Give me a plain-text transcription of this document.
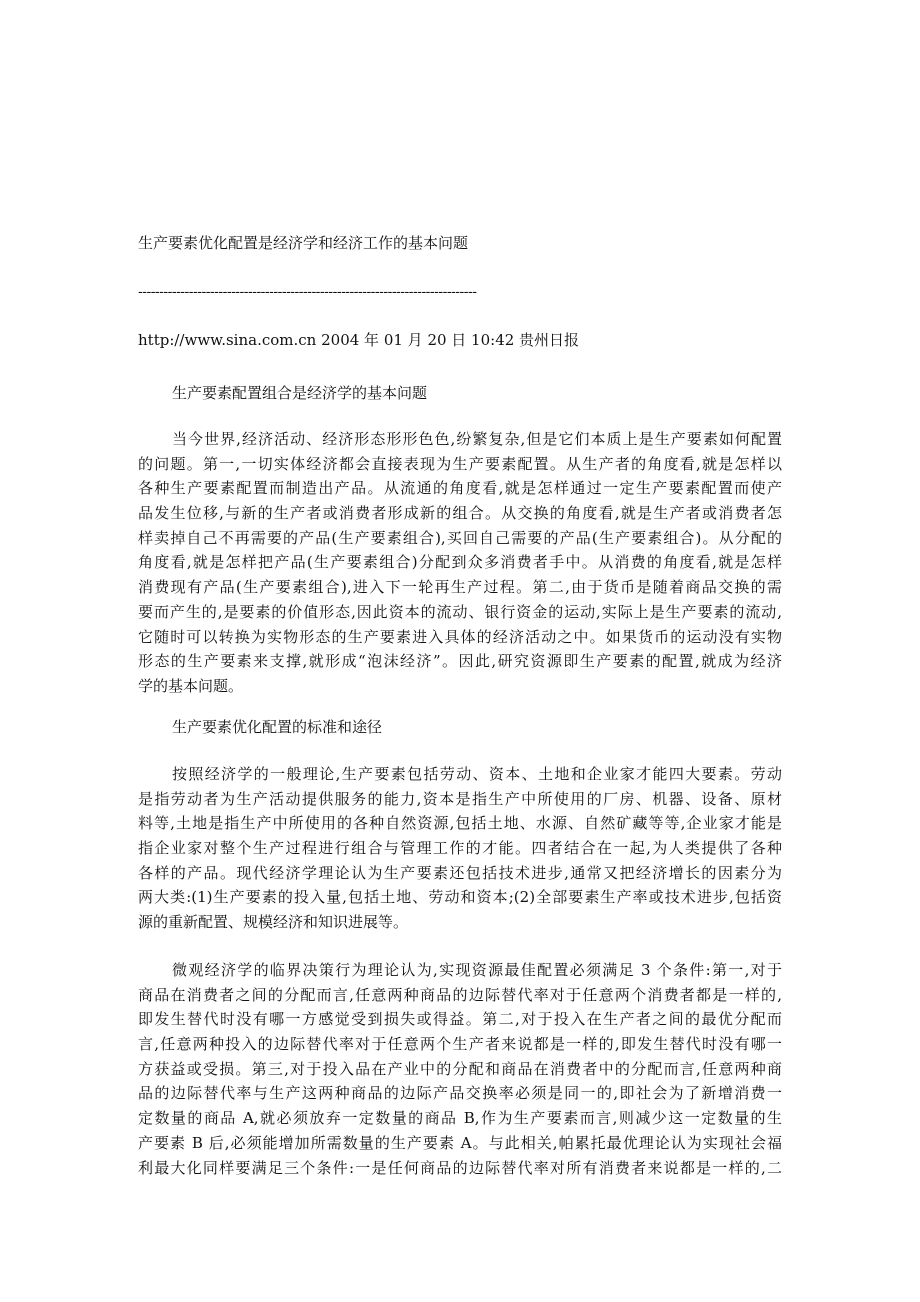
生产要素优化配置是经济学和经济工作的基本问题
--------------------------------------------------------------------------------
http://www.sina.com.cn 2004 年 01 月 20 日 10:42 贵州日报
生产要素配置组合是经济学的基本问题
当今世界,经济活动、经济形态形形色色,纷繁复杂,但是它们本质上是生产要素如何配置
的问题。第一,一切实体经济都会直接表现为生产要素配置。从生产者的角度看,就是怎样以
各种生产要素配置而制造出产品。从流通的角度看,就是怎样通过一定生产要素配置而使产
品发生位移,与新的生产者或消费者形成新的组合。从交换的角度看,就是生产者或消费者怎
样卖掉自己不再需要的产品(生产要素组合),买回自己需要的产品(生产要素组合)。从分配的
角度看,就是怎样把产品(生产要素组合)分配到众多消费者手中。从消费的角度看,就是怎样
消费现有产品(生产要素组合),进入下一轮再生产过程。第二,由于货币是随着商品交换的需
要而产生的,是要素的价值形态,因此资本的流动、银行资金的运动,实际上是生产要素的流动,
它随时可以转换为实物形态的生产要素进入具体的经济活动之中。如果货币的运动没有实物
形态的生产要素来支撑,就形成“泡沫经济”。因此,研究资源即生产要素的配置,就成为经济
学的基本问题。
生产要素优化配置的标准和途径
按照经济学的一般理论,生产要素包括劳动、资本、土地和企业家才能四大要素。劳动
是指劳动者为生产活动提供服务的能力,资本是指生产中所使用的厂房、机器、设备、原材
料等,土地是指生产中所使用的各种自然资源,包括土地、水源、自然矿藏等等,企业家才能是
指企业家对整个生产过程进行组合与管理工作的才能。四者结合在一起,为人类提供了各种
各样的产品。现代经济学理论认为生产要素还包括技术进步,通常又把经济增长的因素分为
两大类:(1)生产要素的投入量,包括土地、劳动和资本;(2)全部要素生产率或技术进步,包括资
源的重新配置、规模经济和知识进展等。
微观经济学的临界决策行为理论认为,实现资源最佳配置必须满足 3 个条件:第一,对于
商品在消费者之间的分配而言,任意两种商品的边际替代率对于任意两个消费者都是一样的,
即发生替代时没有哪一方感觉受到损失或得益。第二,对于投入在生产者之间的最优分配而
言,任意两种投入的边际替代率对于任意两个生产者来说都是一样的,即发生替代时没有哪一
方获益或受损。第三,对于投入品在产业中的分配和商品在消费者中的分配而言,任意两种商
品的边际替代率与生产这两种商品的边际产品交换率必须是同一的,即社会为了新增消费一
定数量的商品 A,就必须放弃一定数量的商品 B,作为生产要素而言,则减少这一定数量的生
产要素 B 后,必须能增加所需数量的生产要素 A。与此相关,帕累托最优理论认为实现社会福
利最大化同样要满足三个条件:一是任何商品的边际替代率对所有消费者来说都是一样的,二
